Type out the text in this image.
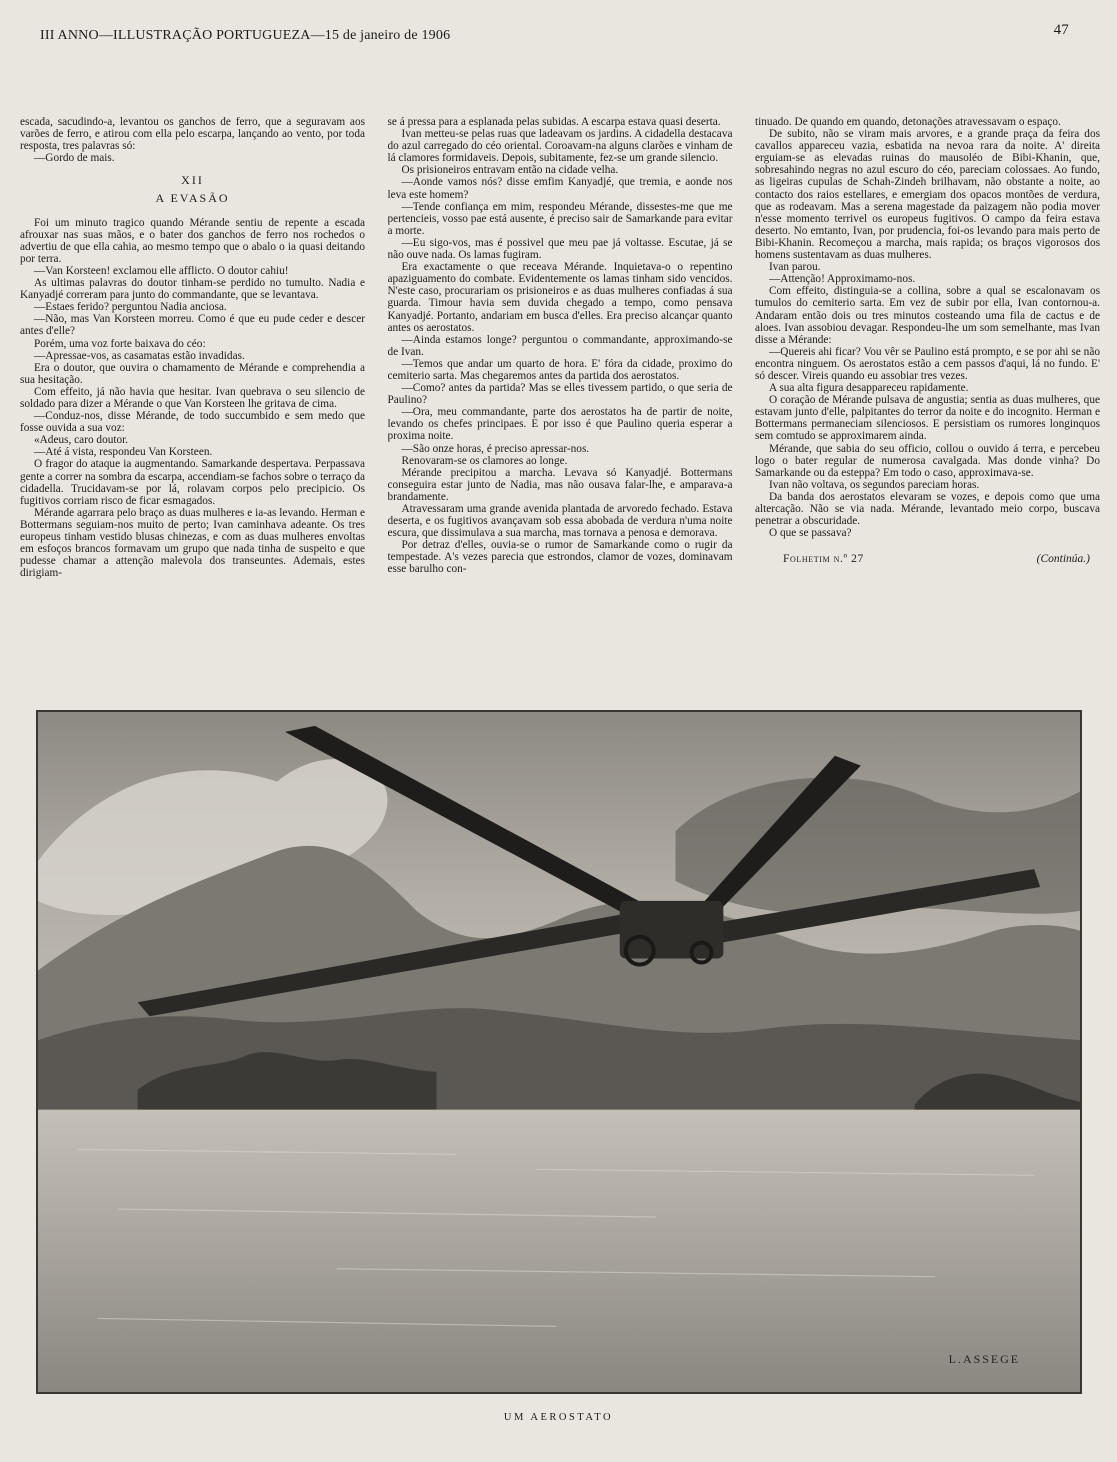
III ANNO—ILLUSTRAÇÃO PORTUGUEZA—15 de janeiro de 1906	47

escada, sacudindo-a, levantou os ganchos de ferro, que a seguravam aos varões de ferro, e atirou com ella pelo escarpa, lançando ao vento, por toda resposta, tres palavras só:

—Gordo de mais.

XII
A EVASÃO

Foi um minuto tragico quando Mérande sentiu de repente a escada afrouxar nas suas mãos, e o bater dos ganchos de ferro nos rochedos o advertiu de que ella cahia, ao mesmo tempo que o abalo o ia quasi deitando por terra.

—Van Korsteen! exclamou elle afflicto. O doutor cahiu!

As ultimas palavras do doutor tinham-se perdido no tumulto. Nadia e Kanyadjé correram para junto do commandante, que se levantava.

—Estaes ferido? perguntou Nadia anciosa.

—Não, mas Van Korsteen morreu. Como é que eu pude ceder e descer antes d'elle?

Porém, uma voz forte baixava do céo:

—Apressae-vos, as casamatas estão invadidas.

Era o doutor, que ouvira o chamamento de Mérande e comprehendia a sua hesitação.

Com effeito, já não havia que hesitar. Ivan quebrava o seu silencio de soldado para dizer a Mérande o que Van Korsteen lhe gritava de cima.

—Conduz-nos, disse Mérande, de todo succumbido e sem medo que fosse ouvida a sua voz:

«Adeus, caro doutor.

—Até á vista, respondeu Van Korsteen.

O fragor do ataque ia augmentando. Samarkande despertava. Perpassava gente a correr na sombra da escarpa, accendiam-se fachos sobre o terraço da cidadella. Trucidavam-se por lá, rolavam corpos pelo precipicio. Os fugitivos corriam risco de ficar esmagados.

Mérande agarrara pelo braço as duas mulheres e ia-as levando. Herman e Bottermans seguiam-nos muito de perto; Ivan caminhava adeante. Os tres europeus tinham vestido blusas chinezas, e com as duas mulheres envoltas em esfoços brancos formavam um grupo que nada tinha de suspeito e que pudesse chamar a attenção malevola dos transeuntes. Ademais, estes dirigiam-

se á pressa para a esplanada pelas subidas. A escarpa estava quasi deserta.

Ivan metteu-se pelas ruas que ladeavam os jardins. A cidadella destacava do azul carregado do céo oriental. Coroavam-na alguns clarões e vinham de lá clamores formidaveis. Depois, subitamente, fez-se um grande silencio.

Os prisioneiros entravam então na cidade velha.

—Aonde vamos nós? disse emfim Kanyadjé, que tremia, e aonde nos leva este homem?

—Tende confiança em mim, respondeu Mérande, dissestes-me que me pertencieis, vosso pae está ausente, é preciso sair de Samarkande para evitar a morte.

—Eu sigo-vos, mas é possivel que meu pae já voltasse. Escutae, já se não ouve nada. Os lamas fugiram.

Era exactamente o que receava Mérande. Inquietava-o o repentino apaziguamento do combate. Evidentemente os lamas tinham sido vencidos. N'este caso, procurariam os prisioneiros e as duas mulheres confiadas á sua guarda. Timour havia sem duvida chegado a tempo, como pensava Kanyadjé. Portanto, andariam em busca d'elles. Era preciso alcançar quanto antes os aerostatos.

—Ainda estamos longe? perguntou o commandante, approximando-se de Ivan.

—Temos que andar um quarto de hora. E' fóra da cidade, proximo do cemiterio sarta. Mas chegaremos antes da partida dos aerostatos.

—Como? antes da partida? Mas se elles tivessem partido, o que seria de Paulino?

—Ora, meu commandante, parte dos aerostatos ha de partir de noite, levando os chefes principaes. E por isso é que Paulino queria esperar a proxima noite.

—São onze horas, é preciso apressar-nos.

Renovaram-se os clamores ao longe.

Mérande precipitou a marcha. Levava só Kanyadjé. Bottermans conseguira estar junto de Nadia, mas não ousava falar-lhe, e amparava-a brandamente.

Atravessaram uma grande avenida plantada de arvoredo fechado. Estava deserta, e os fugitivos avançavam sob essa abobada de verdura n'uma noite escura, que dissimulava a sua marcha, mas tornava a penosa e demorava.

Por detraz d'elles, ouvia-se o rumor de Samarkande como o rugir da tempestade. A's vezes parecia que estrondos, clamor de vozes, dominavam esse barulho con-

tinuado. De quando em quando, detonações atravessavam o espaço.

De subito, não se viram mais arvores, e a grande praça da feira dos cavallos appareceu vazia, esbatida na nevoa rara da noite. A' direita erguiam-se as elevadas ruinas do mausoléo de Bibi-Khanin, que, sobresahindo negras no azul escuro do céo, pareciam colossaes. Ao fundo, as ligeiras cupulas de Schah-Zindeh brilhavam, não obstante a noite, ao contacto dos raios estellares, e emergiam dos opacos montões de verdura, que as rodeavam. Mas a serena magestade da paizagem não podia mover n'esse momento terrivel os europeus fugitivos. O campo da feira estava deserto. No emtanto, Ivan, por prudencia, foi-os levando para mais perto de Bibi-Khanin. Recomeçou a marcha, mais rapida; os braços vigorosos dos homens sustentavam as duas mulheres.

Ivan parou.

—Attenção! Approximamo-nos.

Com effeito, distinguia-se a collina, sobre a qual se escalonavam os tumulos do cemiterio sarta. Em vez de subir por ella, Ivan contornou-a. Andaram então dois ou tres minutos costeando uma fila de cactus e de aloes. Ivan assobiou devagar. Respondeu-lhe um som semelhante, mas Ivan disse a Mérande:

—Quereis ahi ficar? Vou vêr se Paulino está prompto, e se por ahi se não encontra ninguem. Os aerostatos estão a cem passos d'aqui, lá no fundo. E' só descer. Vireis quando eu assobiar tres vezes.

A sua alta figura desappareceu rapidamente.

O coração de Mérande pulsava de angustia; sentia as duas mulheres, que estavam junto d'elle, palpitantes do terror da noite e do incognito. Herman e Bottermans permaneciam silenciosos. E persistiam os rumores longinquos sem comtudo se approximarem ainda.

Mérande, que sabia do seu officio, collou o ouvido á terra, e percebeu logo o bater regular de numerosa cavalgada. Mas donde vinha? Do Samarkande ou da esteppa? Em todo o caso, approximava-se.

Ivan não voltava, os segundos pareciam horas.

Da banda dos aerostatos elevaram se vozes, e depois como que uma altercação. Não se via nada. Mérande, levantado meio corpo, buscava penetrar a obscuridade.

O que se passava?

Folhetim n.º 27	(Continúa.)
L.ASSEGE
UM AEROSTATO
